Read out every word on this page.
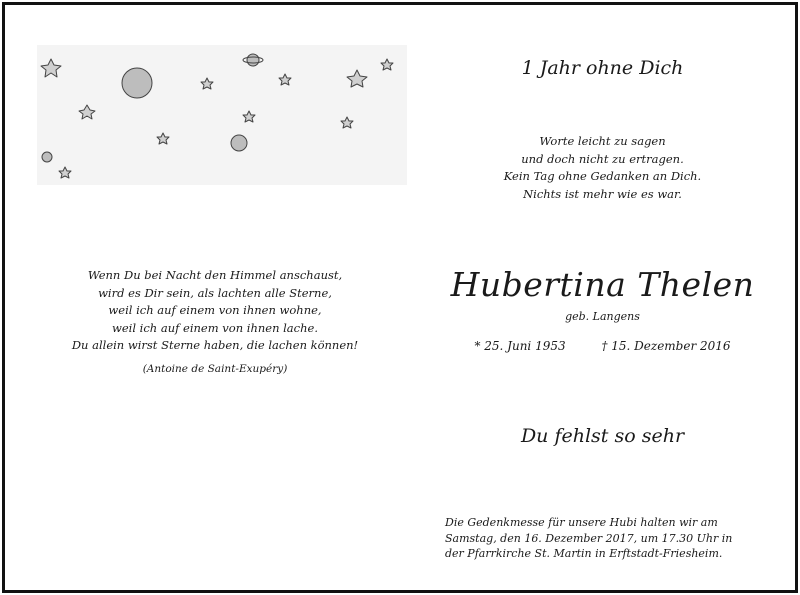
Wenn Du bei Nacht den Himmel anschaust,
wird es Dir sein, als lachten alle Sterne,
weil ich auf einem von ihnen wohne,
weil ich auf einem von ihnen lache.
Du allein wirst Sterne haben, die lachen können!
(Antoine de Saint-Exupéry)
1 Jahr ohne Dich
Worte leicht zu sagen
und doch nicht zu ertragen.
Kein Tag ohne Gedanken an Dich.
Nichts ist mehr wie es war.
Hubertina Thelen
geb. Langens
* 25. Juni 1953	† 15. Dezember 2016
Du fehlst so sehr
Die Gedenkmesse für unsere Hubi halten wir am
Samstag, den 16. Dezember 2017, um 17.30 Uhr in
der Pfarrkirche St. Martin in Erftstadt-Friesheim.
